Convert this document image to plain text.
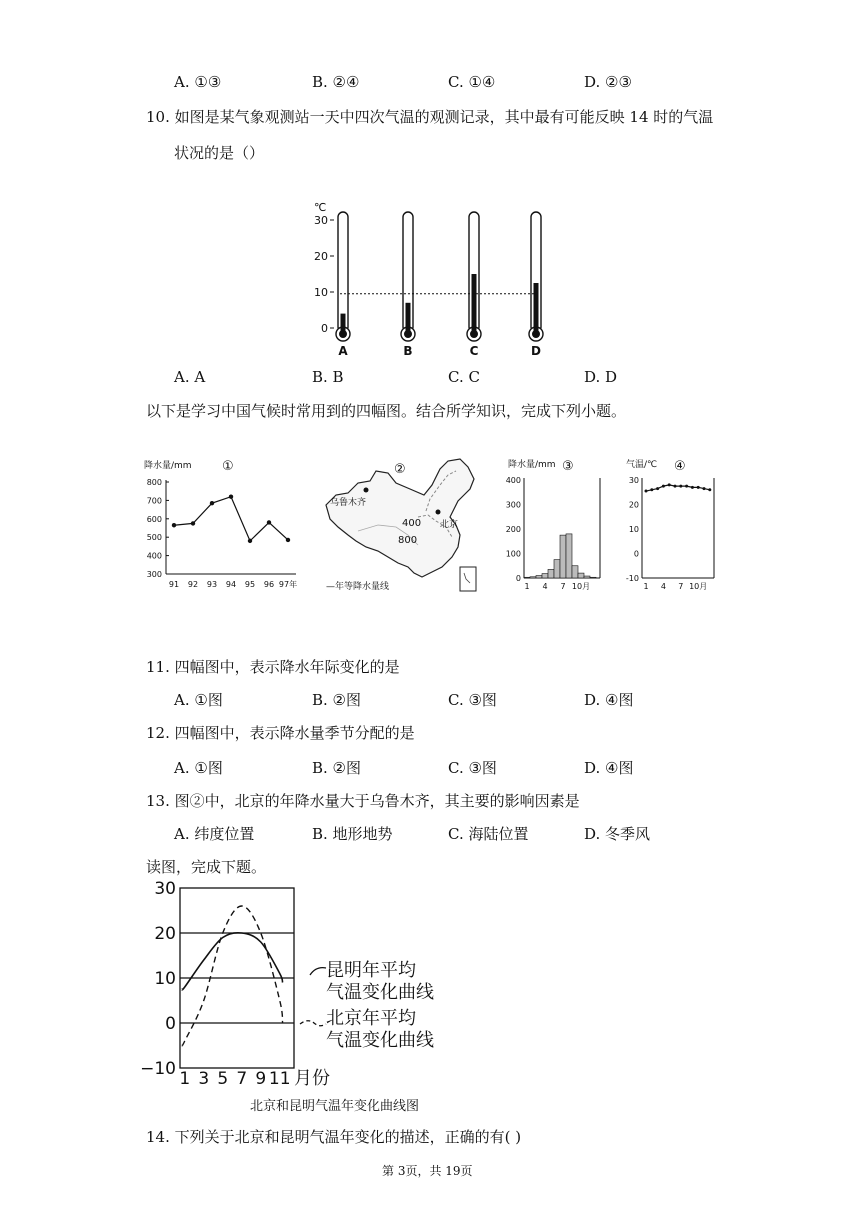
A. ①③	B. ②④	C. ①④	D. ②③
10. 如图是某气象观测站一天中四次气温的观测记录，其中最有可能反映 14 时的气温
状况的是（）
℃
30
20
10
0
A	B	C	D
A. A	B. B	C. C	D. D
以下是学习中国气候时常用到的四幅图。结合所学知识，完成下列小题。
降水量/mm ①
800
700
600
500
400
300
91 92 93 94 95 96 97年
乌鲁木齐
北京
400
800
②
—年等降水量线
降水量/mm ③
400
300
200
100
0
1 4 7 10月
气温/℃ ④
30
20
10
0
-10
1 4 7 10月
11. 四幅图中，表示降水年际变化的是
A. ①图	B. ②图	C. ③图	D. ④图
12. 四幅图中，表示降水量季节分配的是
A. ①图	B. ②图	C. ③图	D. ④图
13. 图②中，北京的年降水量大于乌鲁木齐，其主要的影响因素是
A. 纬度位置	B. 地形地势	C. 海陆位置	D. 冬季风
读图，完成下题。
30
20
10
0
−10 1 3 5 7 9 11 月份
昆明年平均
气温变化曲线
北京年平均
气温变化曲线
北京和昆明气温年变化曲线图
14. 下列关于北京和昆明气温年变化的描述，正确的有( )
第 3页，共 19页
